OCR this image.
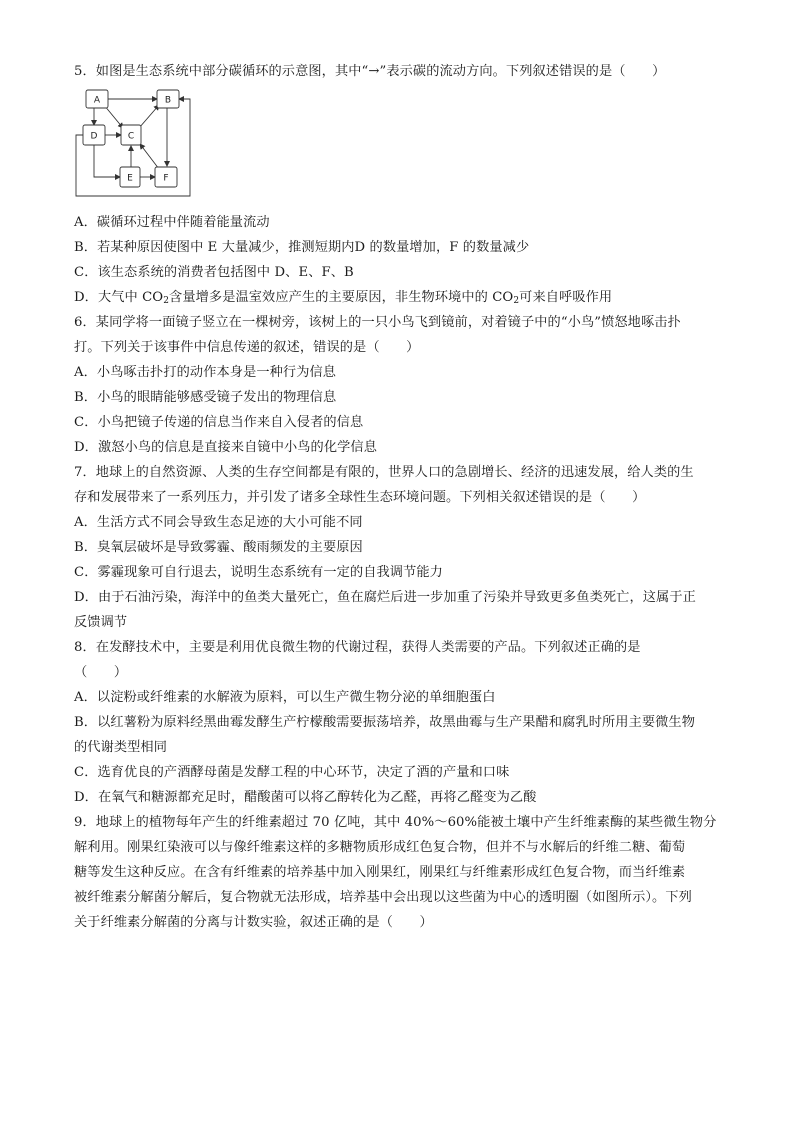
5．如图是生态系统中部分碳循环的示意图，其中“→”表示碳的流动方向。下列叙述错误的是（　　）
A	B
D	C
E	F
A．碳循环过程中伴随着能量流动
B．若某种原因使图中 E 大量减少，推测短期内D 的数量增加，F 的数量减少
C．该生态系统的消费者包括图中 D、E、F、B
D．大气中 $CO_2$含量增多是温室效应产生的主要原因，非生物环境中的 $CO_2$可来自呼吸作用
6．某同学将一面镜子竖立在一棵树旁，该树上的一只小鸟飞到镜前，对着镜子中的“小鸟”愤怒地啄击扑
打。下列关于该事件中信息传递的叙述，错误的是（　　）
A．小鸟啄击扑打的动作本身是一种行为信息
B．小鸟的眼睛能够感受镜子发出的物理信息
C．小鸟把镜子传递的信息当作来自入侵者的信息
D．激怒小鸟的信息是直接来自镜中小鸟的化学信息
7．地球上的自然资源、人类的生存空间都是有限的，世界人口的急剧增长、经济的迅速发展，给人类的生
存和发展带来了一系列压力，并引发了诸多全球性生态环境问题。下列相关叙述错误的是（　　）
A．生活方式不同会导致生态足迹的大小可能不同
B．臭氧层破坏是导致雾霾、酸雨频发的主要原因
C．雾霾现象可自行退去，说明生态系统有一定的自我调节能力
D．由于石油污染，海洋中的鱼类大量死亡，鱼在腐烂后进一步加重了污染并导致更多鱼类死亡，这属于正
反馈调节
8．在发酵技术中，主要是利用优良微生物的代谢过程，获得人类需要的产品。下列叙述正确的是
（　　）
A．以淀粉或纤维素的水解液为原料，可以生产微生物分泌的单细胞蛋白
B．以红薯粉为原料经黑曲霉发酵生产柠檬酸需要振荡培养，故黑曲霉与生产果醋和腐乳时所用主要微生物
的代谢类型相同
C．选育优良的产酒酵母菌是发酵工程的中心环节，决定了酒的产量和口味
D．在氧气和糖源都充足时，醋酸菌可以将乙醇转化为乙醛，再将乙醛变为乙酸
9．地球上的植物每年产生的纤维素超过 70 亿吨，其中 40%～60%能被土壤中产生纤维素酶的某些微生物分
解利用。刚果红染液可以与像纤维素这样的多糖物质形成红色复合物，但并不与水解后的纤维二糖、葡萄
糖等发生这种反应。在含有纤维素的培养基中加入刚果红，刚果红与纤维素形成红色复合物，而当纤维素
被纤维素分解菌分解后，复合物就无法形成，培养基中会出现以这些菌为中心的透明圈（如图所示）。下列
关于纤维素分解菌的分离与计数实验，叙述正确的是（　　）
